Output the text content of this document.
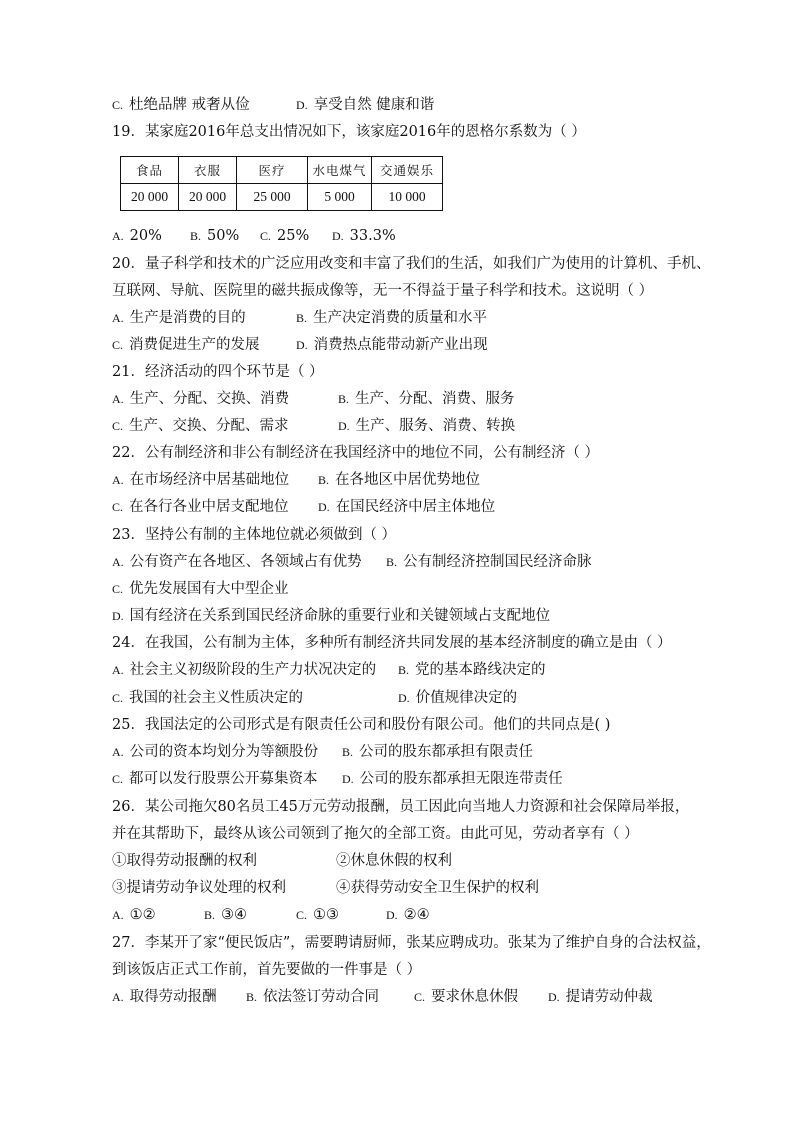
C. 杜绝品牌 戒奢从俭	D. 享受自然 健康和谐
19．某家庭2016年总支出情况如下，该家庭2016年的恩格尔系数为（ ）
食品	衣服	医疗	水电煤气	交通娱乐
20 000	20 000	25 000	5 000	10 000
A. 20% B. 50% C. 25% D. 33.3%
20．量子科学和技术的广泛应用改变和丰富了我们的生活，如我们广为使用的计算机、手机、
互联网、导航、医院里的磁共振成像等，无一不得益于量子科学和技术。这说明（ ）
A. 生产是消费的目的	B. 生产决定消费的质量和水平
C. 消费促进生产的发展	D. 消费热点能带动新产业出现
21．经济活动的四个环节是（ ）
A. 生产、分配、交换、消费	B. 生产、分配、消费、服务
C. 生产、交换、分配、需求	D. 生产、服务、消费、转换
22．公有制经济和非公有制经济在我国经济中的地位不同，公有制经济（ ）
A. 在市场经济中居基础地位 B. 在各地区中居优势地位
C. 在各行各业中居支配地位 D. 在国民经济中居主体地位
23．坚持公有制的主体地位就必须做到（ ）
A. 公有资产在各地区、各领域占有优势 B. 公有制经济控制国民经济命脉
C. 优先发展国有大中型企业
D. 国有经济在关系到国民经济命脉的重要行业和关键领域占支配地位
24．在我国，公有制为主体，多种所有制经济共同发展的基本经济制度的确立是由（ ）
A. 社会主义初级阶段的生产力状况决定的 B. 党的基本路线决定的
C. 我国的社会主义性质决定的	D. 价值规律决定的
25．我国法定的公司形式是有限责任公司和股份有限公司。他们的共同点是( )
A. 公司的资本均划分为等额股份 B. 公司的股东都承担有限责任
C. 都可以发行股票公开募集资本 D. 公司的股东都承担无限连带责任
26．某公司拖欠80名员工45万元劳动报酬，员工因此向当地人力资源和社会保障局举报，
并在其帮助下，最终从该公司领到了拖欠的全部工资。由此可见，劳动者享有（ ）
①取得劳动报酬的权利	②休息休假的权利
③提请劳动争议处理的权利	④获得劳动安全卫生保护的权利
A. ①②	B. ③④	C. ①③	D. ②④
27．李某开了家“便民饭店”，需要聘请厨师，张某应聘成功。张某为了维护自身的合法权益，
到该饭店正式工作前，首先要做的一件事是（ ）
A. 取得劳动报酬 B. 依法签订劳动合同	C. 要求休息休假 D. 提请劳动仲裁
